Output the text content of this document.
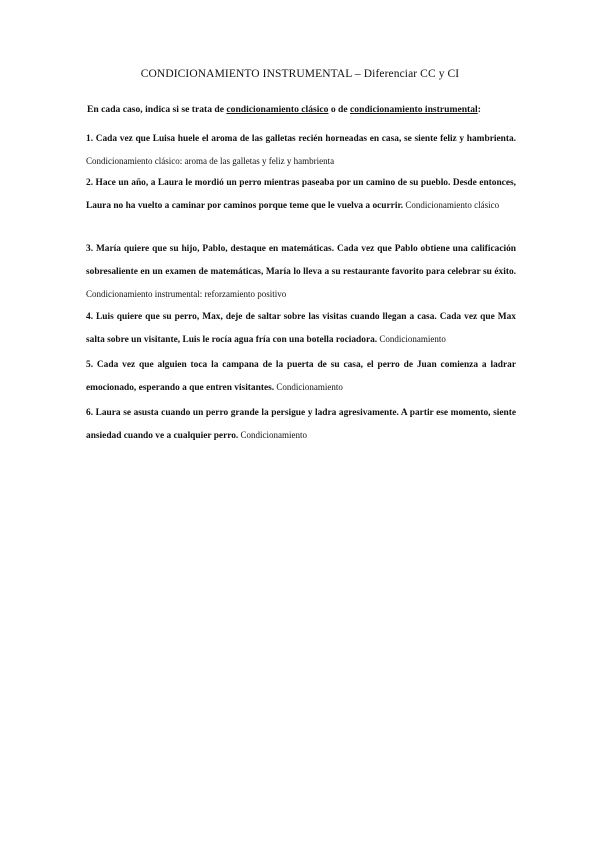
CONDICIONAMIENTO INSTRUMENTAL – Diferenciar CC y CI
En cada caso, indica si se trata de condicionamiento clásico o de condicionamiento instrumental:
1. Cada vez que Luisa huele el aroma de las galletas recién horneadas en casa, se siente feliz y hambrienta. Condicionamiento clásico: aroma de las galletas y feliz y hambrienta
2. Hace un año, a Laura le mordió un perro mientras paseaba por un camino de su pueblo. Desde entonces, Laura no ha vuelto a caminar por caminos porque teme que le vuelva a ocurrir. Condicionamiento clásico
3. María quiere que su hijo, Pablo, destaque en matemáticas. Cada vez que Pablo obtiene una calificación sobresaliente en un examen de matemáticas, María lo lleva a su restaurante favorito para celebrar su éxito. Condicionamiento instrumental: reforzamiento positivo
4. Luis quiere que su perro, Max, deje de saltar sobre las visitas cuando llegan a casa. Cada vez que Max salta sobre un visitante, Luis le rocía agua fría con una botella rociadora. Condicionamiento
5. Cada vez que alguien toca la campana de la puerta de su casa, el perro de Juan comienza a ladrar emocionado, esperando a que entren visitantes. Condicionamiento
6. Laura se asusta cuando un perro grande la persigue y ladra agresivamente. A partir ese momento, siente ansiedad cuando ve a cualquier perro. Condicionamiento
